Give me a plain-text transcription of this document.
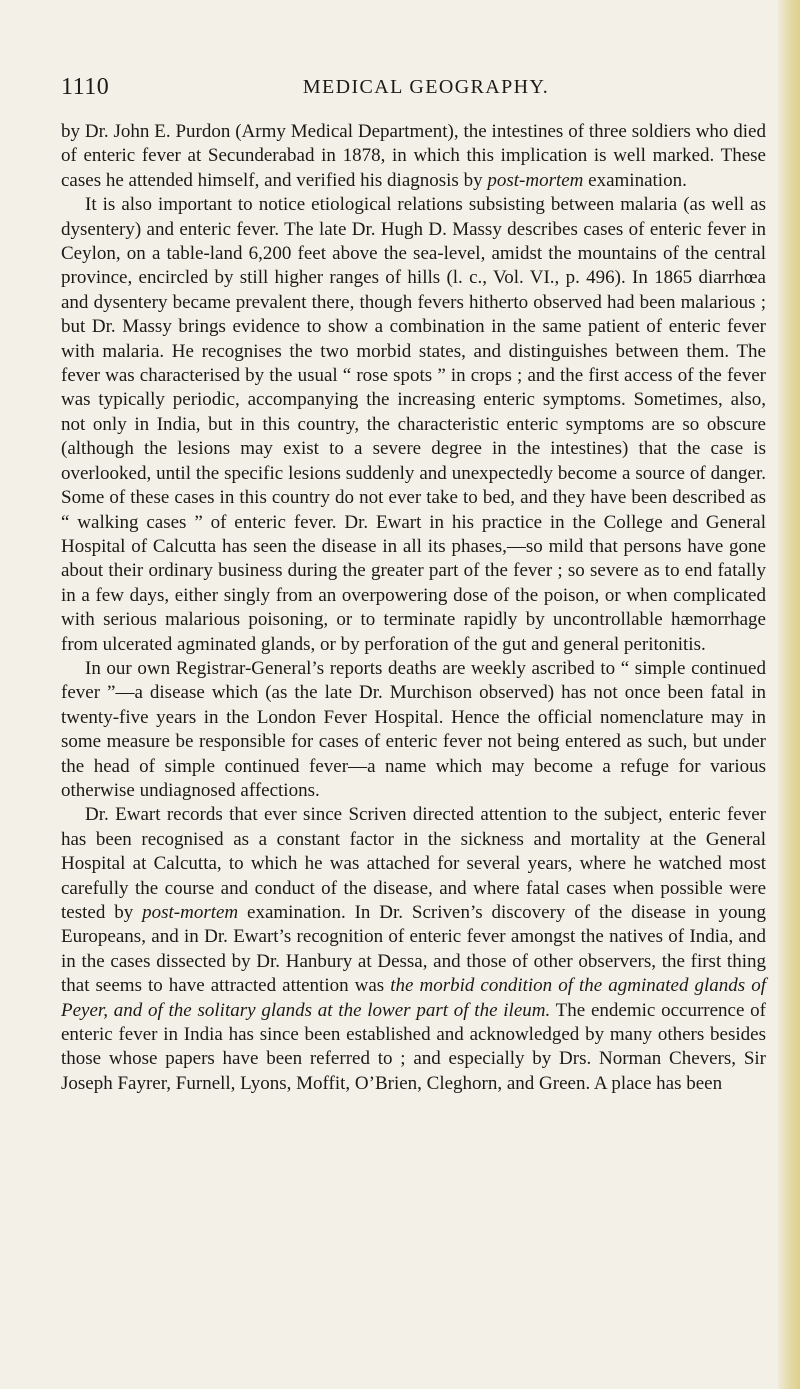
1110	MEDICAL GEOGRAPHY.

by Dr. John E. Purdon (Army Medical Department), the intestines of three soldiers who died of enteric fever at Secunderabad in 1878, in which this implication is well marked. These cases he attended himself, and verified his diagnosis by post-mortem examination.

It is also important to notice etiological relations subsisting between malaria (as well as dysentery) and enteric fever. The late Dr. Hugh D. Massy describes cases of enteric fever in Ceylon, on a table-land 6,200 feet above the sea-level, amidst the mountains of the central province, encircled by still higher ranges of hills (l. c., Vol. VI., p. 496). In 1865 diarrhœa and dysentery became prevalent there, though fevers hitherto observed had been malarious ; but Dr. Massy brings evidence to show a combination in the same patient of enteric fever with malaria. He recognises the two morbid states, and distinguishes between them. The fever was characterised by the usual “ rose spots ” in crops ; and the first access of the fever was typically periodic, accompanying the increasing enteric symptoms. Sometimes, also, not only in India, but in this country, the characteristic enteric symptoms are so obscure (although the lesions may exist to a severe degree in the intestines) that the case is overlooked, until the specific lesions suddenly and unexpectedly become a source of danger. Some of these cases in this country do not ever take to bed, and they have been described as “ walking cases ” of enteric fever. Dr. Ewart in his practice in the College and General Hospital of Calcutta has seen the disease in all its phases,—so mild that persons have gone about their ordinary business during the greater part of the fever ; so severe as to end fatally in a few days, either singly from an overpowering dose of the poison, or when complicated with serious malarious poisoning, or to terminate rapidly by uncontrollable hæmorrhage from ulcerated agminated glands, or by perforation of the gut and general peritonitis.

In our own Registrar-General’s reports deaths are weekly ascribed to “ simple continued fever ”—a disease which (as the late Dr. Murchison observed) has not once been fatal in twenty-five years in the London Fever Hospital. Hence the official nomenclature may in some measure be responsible for cases of enteric fever not being entered as such, but under the head of simple continued fever—a name which may become a refuge for various otherwise undiagnosed affections.

Dr. Ewart records that ever since Scriven directed attention to the subject, enteric fever has been recognised as a constant factor in the sickness and mortality at the General Hospital at Calcutta, to which he was attached for several years, where he watched most carefully the course and conduct of the disease, and where fatal cases when possible were tested by post-mortem examination. In Dr. Scriven’s discovery of the disease in young Europeans, and in Dr. Ewart’s recognition of enteric fever amongst the natives of India, and in the cases dissected by Dr. Hanbury at Dessa, and those of other observers, the first thing that seems to have attracted attention was the morbid condition of the agminated glands of Peyer, and of the solitary glands at the lower part of the ileum. The endemic occurrence of enteric fever in India has since been established and acknowledged by many others besides those whose papers have been referred to ; and especially by Drs. Norman Chevers, Sir Joseph Fayrer, Furnell, Lyons, Moffit, O’Brien, Cleghorn, and Green. A place has been
